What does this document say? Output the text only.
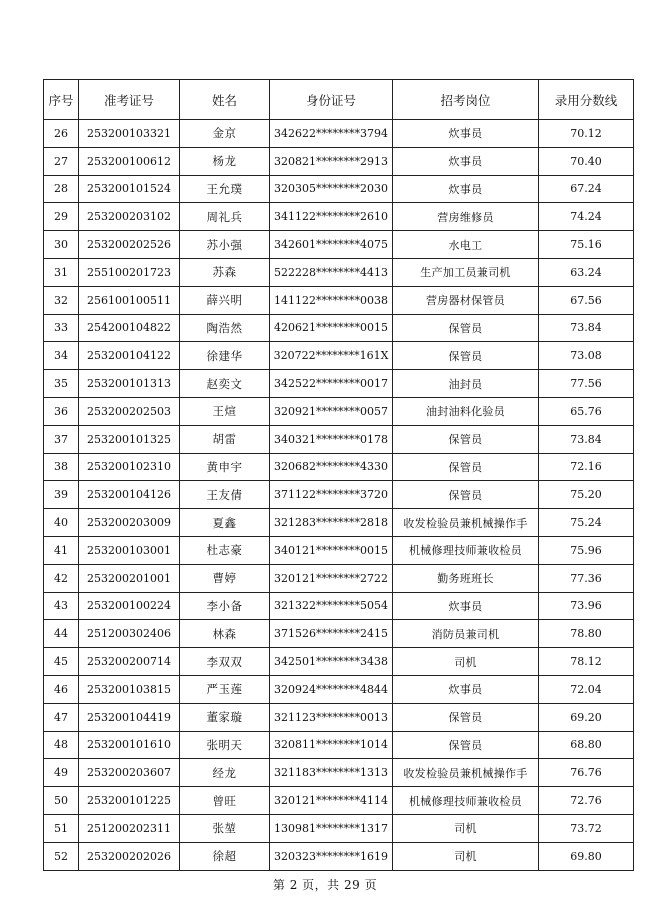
序号	准考证号	姓名	身份证号	招考岗位	录用分数线
26	253200103321	金京	342622********3794	炊事员	70.12
27	253200100612	杨龙	320821********2913	炊事员	70.40
28	253200101524	王允璞	320305********2030	炊事员	67.24
29	253200203102	周礼兵	341122********2610	营房维修员	74.24
30	253200202526	苏小强	342601********4075	水电工	75.16
31	255100201723	苏森	522228********4413	生产加工员兼司机	63.24
32	256100100511	薛兴明	141122********0038	营房器材保管员	67.56
33	254200104822	陶浩然	420621********0015	保管员	73.84
34	253200104122	徐建华	320722********161X	保管员	73.08
35	253200101313	赵奕文	342522********0017	油封员	77.56
36	253200202503	王煊	320921********0057	油封油料化验员	65.76
37	253200101325	胡雷	340321********0178	保管员	73.84
38	253200102310	黄申宇	320682********4330	保管员	72.16
39	253200104126	王友倩	371122********3720	保管员	75.20
40	253200203009	夏鑫	321283********2818	收发检验员兼机械操作手	75.24
41	253200103001	杜志豪	340121********0015	机械修理技师兼收检员	75.96
42	253200201001	曹婷	320121********2722	勤务班班长	77.36
43	253200100224	李小备	321322********5054	炊事员	73.96
44	251200302406	林森	371526********2415	消防员兼司机	78.80
45	253200200714	李双双	342501********3438	司机	78.12
46	253200103815	严玉莲	320924********4844	炊事员	72.04
47	253200104419	董家璇	321123********0013	保管员	69.20
48	253200101610	张明天	320811********1014	保管员	68.80
49	253200203607	经龙	321183********1313	收发检验员兼机械操作手	76.76
50	253200101225	曾旺	320121********4114	机械修理技师兼收检员	72.76
51	251200202311	张堃	130981********1317	司机	73.72
52	253200202026	徐超	320323********1619	司机	69.80
第 2 页，共 29 页
